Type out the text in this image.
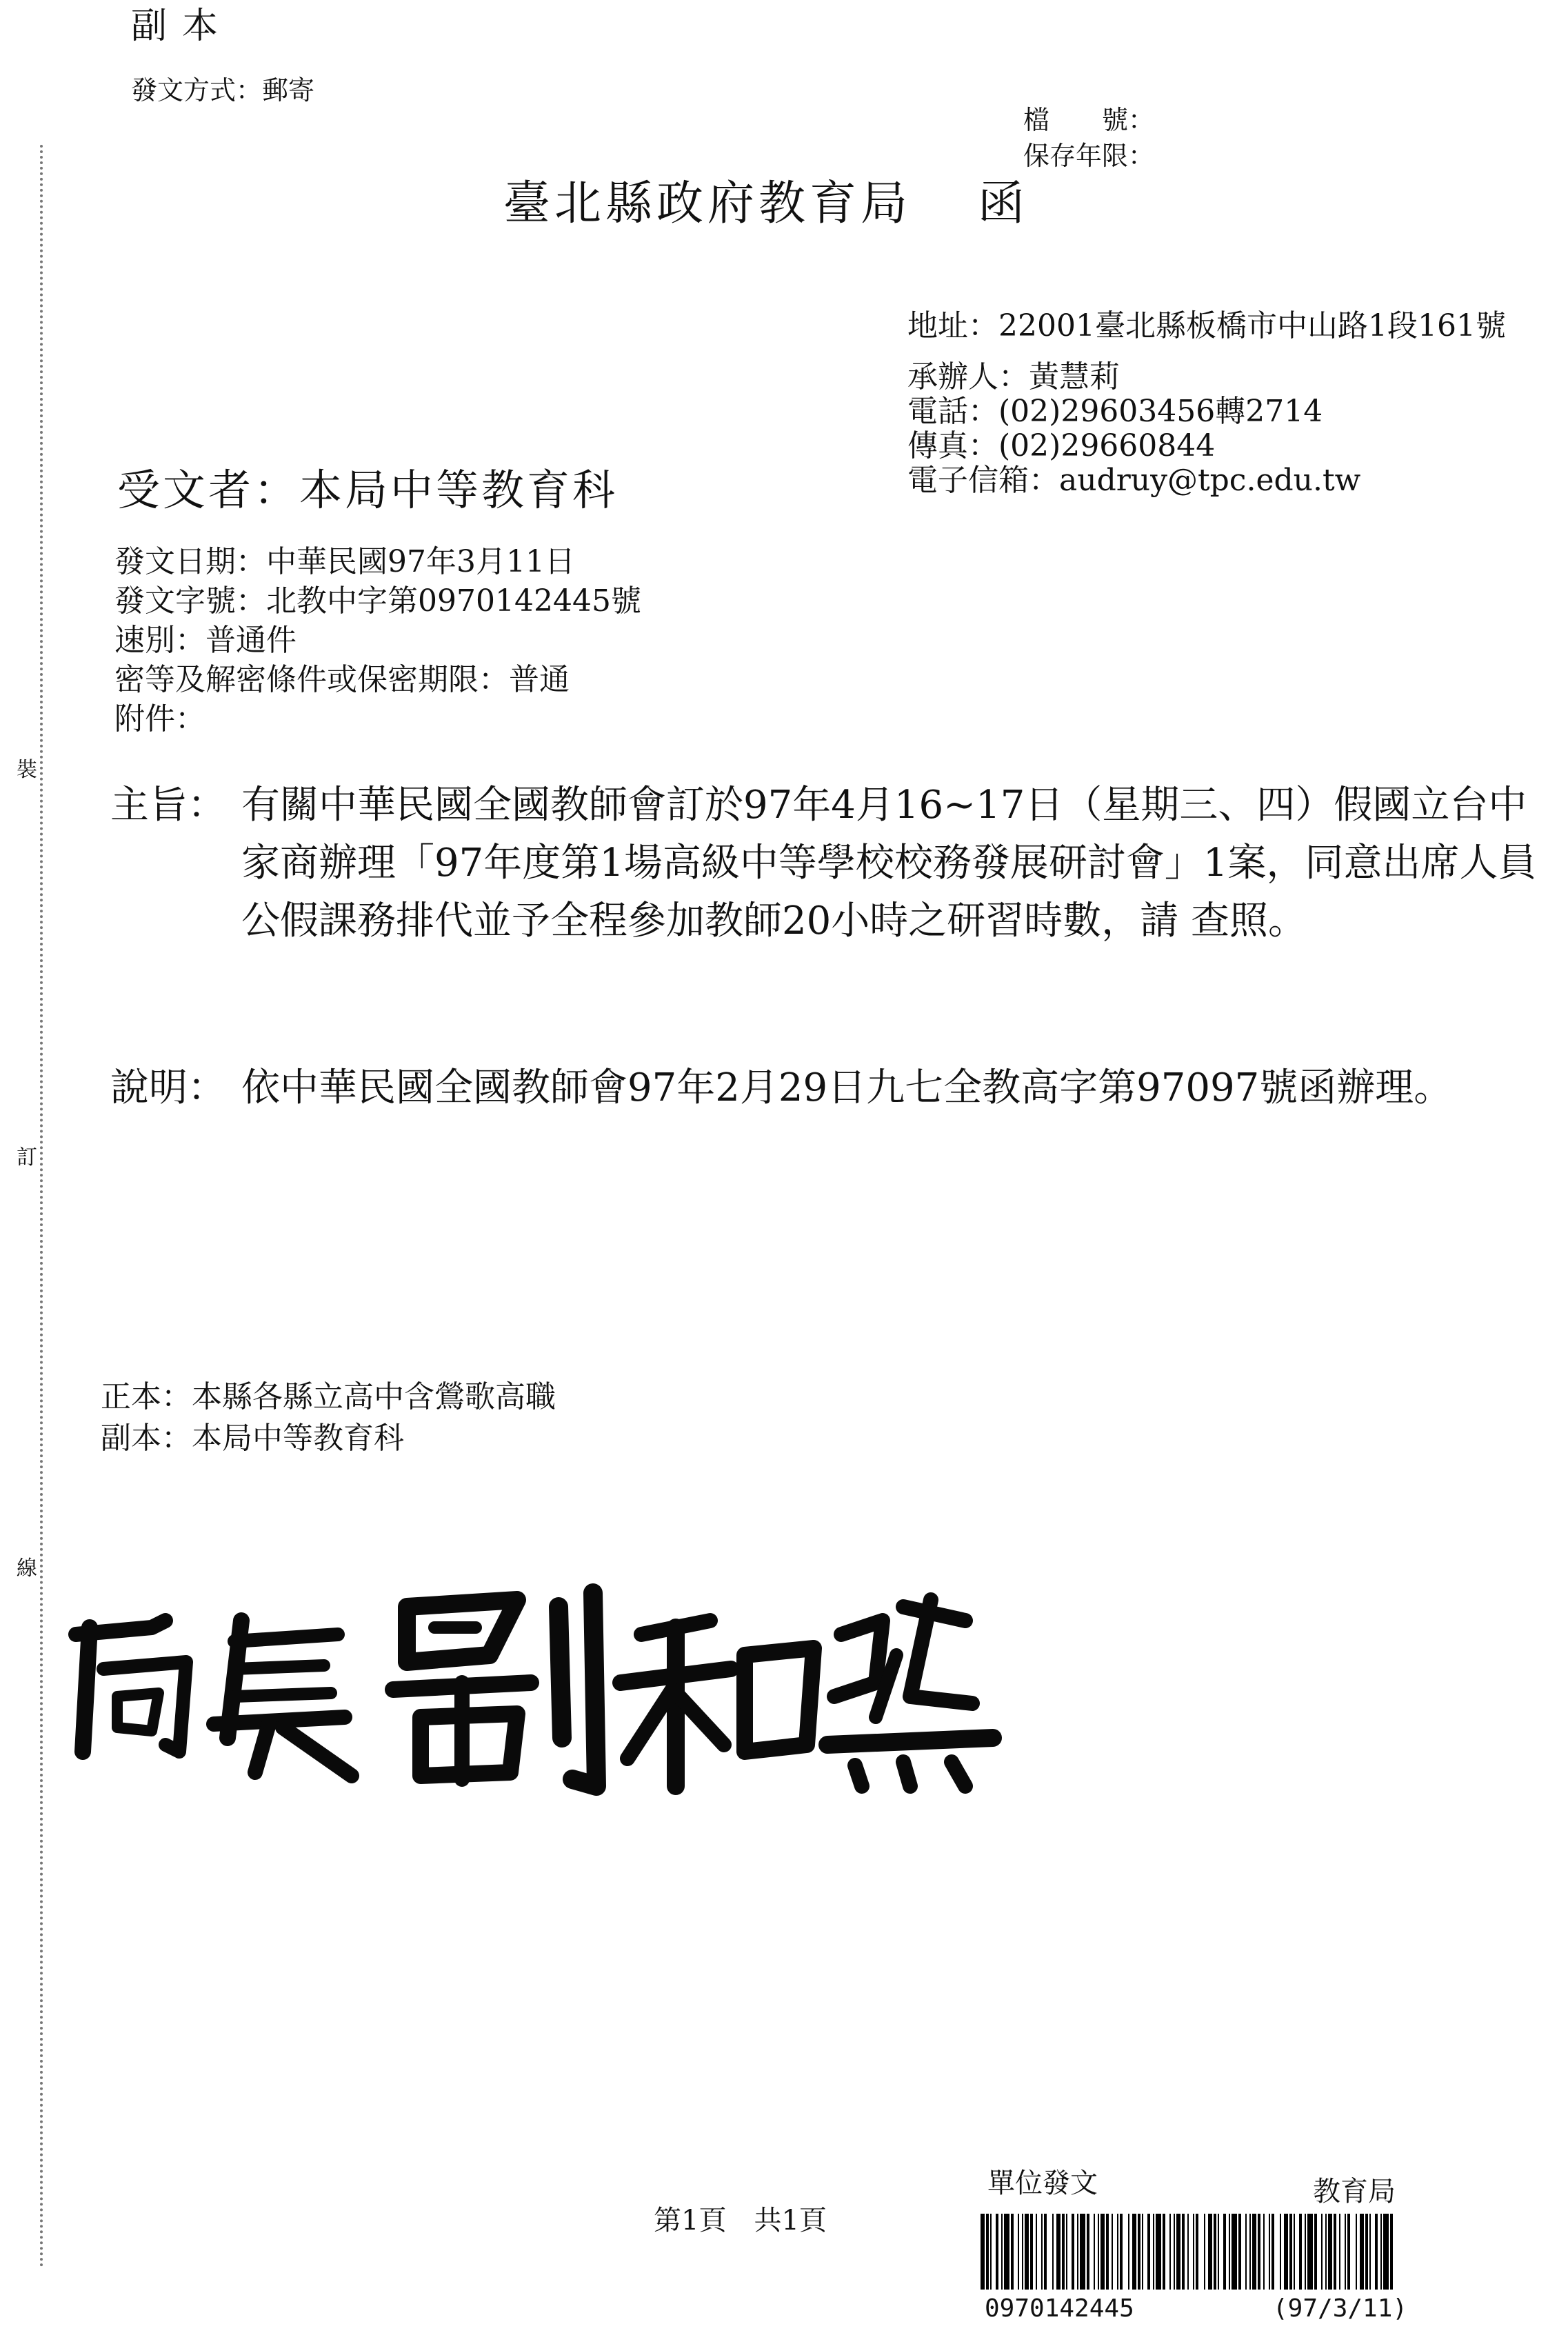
裝
訂
線
副本
發文方式：郵寄
檔　　號：
保存年限：
臺北縣政府教育局 函
地址：22001臺北縣板橋市中山路1段161號
承辦人：黃慧莉
電話：(02)29603456轉2714
傳真：(02)29660844
電子信箱：audruy@tpc.edu.tw
受文者：本局中等教育科
發文日期：中華民國97年3月11日
發文字號：北教中字第0970142445號
速別：普通件
密等及解密條件或保密期限：普通
附件：
主旨： 有關中華民國全國教師會訂於97年4月16~17日（星期三、四）假國立台中家商辦理「97年度第1場高級中等學校校務發展研討會」1案，同意出席人員公假課務排代並予全程參加教師20小時之研習時數，請 查照。
說明： 依中華民國全國教師會97年2月29日九七全教高字第97097號函辦理。
正本：本縣各縣立高中含鶯歌高職
副本：本局中等教育科
第1頁 共1頁
單位發文	教育局
0970142445	(97/3/11)
